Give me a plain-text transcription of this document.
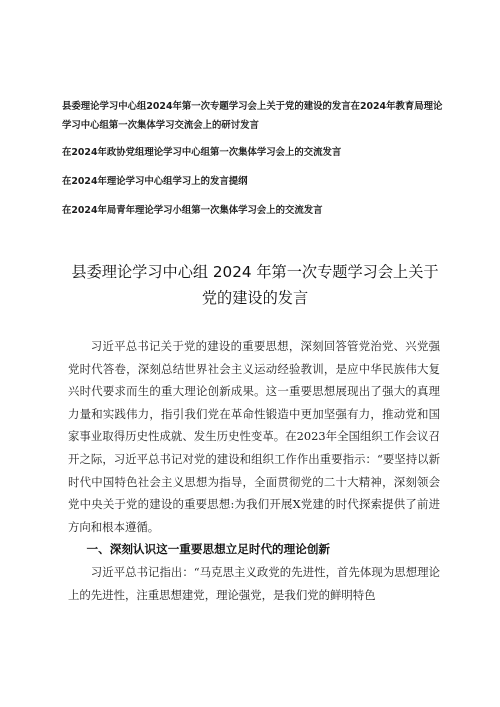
县委理论学习中心组2024年第一次专题学习会上关于党的建设的发言在2024年教育局理论学习中心组第一次集体学习交流会上的研讨发言
在2024年政协党组理论学习中心组第一次集体学习会上的交流发言
在2024年理论学习中心组学习上的发言提纲
在2024年局青年理论学习小组第一次集体学习会上的交流发言
县委理论学习中心组 2024 年第一次专题学习会上关于党的建设的发言

习近平总书记关于党的建设的重要思想，深刻回答管党治党、兴党强党时代答卷，深刻总结世界社会主义运动经验教训，是应中华民族伟大复兴时代要求而生的重大理论创新成果。这一重要思想展现出了强大的真理力量和实践伟力，指引我们党在革命性锻造中更加坚强有力，推动党和国家事业取得历史性成就、发生历史性变革。在2023年全国组织工作会议召开之际，习近平总书记对党的建设和组织工作作出重要指示：“要坚持以新时代中国特色社会主义思想为指导，全面贯彻党的二十大精神，深刻领会党中央关于党的建设的重要思想:为我们开展X党建的时代探索提供了前进方向和根本遵循。

一、深刻认识这一重要思想立足时代的理论创新

习近平总书记指出：“马克思主义政党的先进性，首先体现为思想理论上的先进性，注重思想建党，理论强党，是我们党的鲜明特色
